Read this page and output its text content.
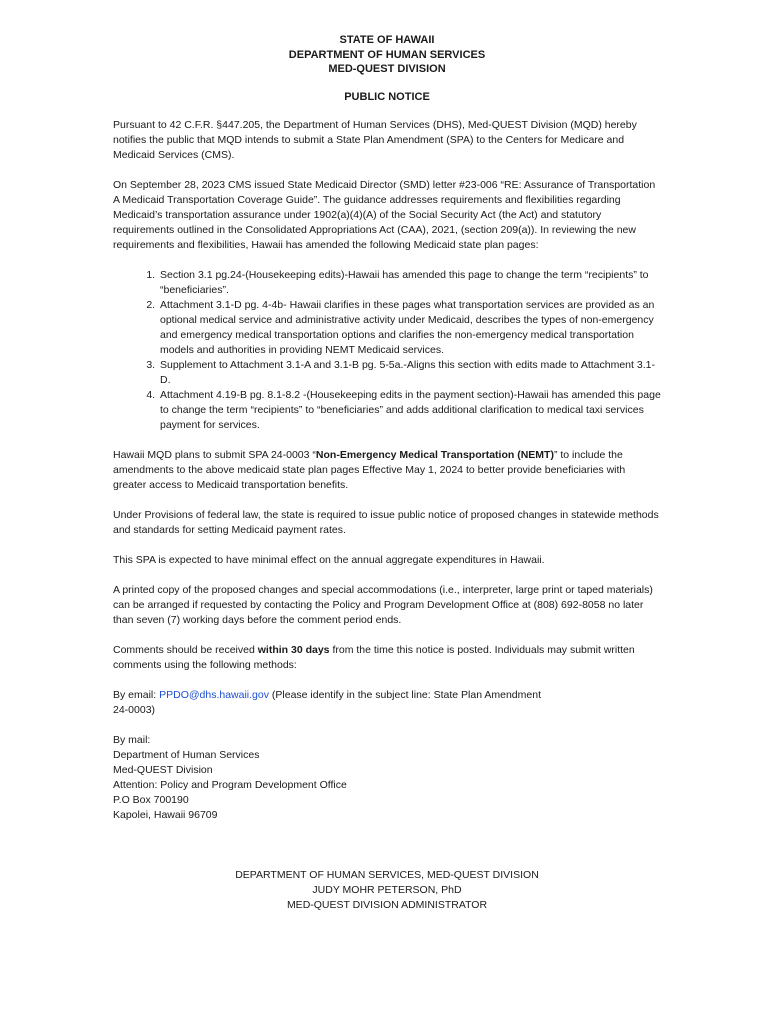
STATE OF HAWAII
DEPARTMENT OF HUMAN SERVICES
MED-QUEST DIVISION
PUBLIC NOTICE

Pursuant to 42 C.F.R. §447.205, the Department of Human Services (DHS), Med-QUEST Division (MQD) hereby notifies the public that MQD intends to submit a State Plan Amendment (SPA) to the Centers for Medicare and Medicaid Services (CMS).

On September 28, 2023 CMS issued State Medicaid Director (SMD) letter #23-006 “RE: Assurance of Transportation A Medicaid Transportation Coverage Guide”. The guidance addresses requirements and flexibilities regarding Medicaid’s transportation assurance under 1902(a)(4)(A) of the Social Security Act (the Act) and statutory requirements outlined in the Consolidated Appropriations Act (CAA), 2021, (section 209(a)). In reviewing the new requirements and flexibilities, Hawaii has amended the following Medicaid state plan pages:

1. Section 3.1 pg.24-(Housekeeping edits)-Hawaii has amended this page to change the term “recipients” to “beneficiaries”.
2. Attachment 3.1-D pg. 4-4b- Hawaii clarifies in these pages what transportation services are provided as an optional medical service and administrative activity under Medicaid, describes the types of non-emergency and emergency medical transportation options and clarifies the non-emergency medical transportation models and authorities in providing NEMT Medicaid services.
3. Supplement to Attachment 3.1-A and 3.1-B pg. 5-5a.-Aligns this section with edits made to Attachment 3.1-D.
4. Attachment 4.19-B pg. 8.1-8.2 -(Housekeeping edits in the payment section)-Hawaii has amended this page to change the term “recipients” to “beneficiaries” and adds additional clarification to medical taxi services payment for services.

Hawaii MQD plans to submit SPA 24-0003 “Non-Emergency Medical Transportation (NEMT)” to include the amendments to the above medicaid state plan pages Effective May 1, 2024 to better provide beneficiaries with greater access to Medicaid transportation benefits.

Under Provisions of federal law, the state is required to issue public notice of proposed changes in statewide methods and standards for setting Medicaid payment rates.

This SPA is expected to have minimal effect on the annual aggregate expenditures in Hawaii.

A printed copy of the proposed changes and special accommodations (i.e., interpreter, large print or taped materials) can be arranged if requested by contacting the Policy and Program Development Office at (808) 692-8058 no later than seven (7) working days before the comment period ends.

Comments should be received within 30 days from the time this notice is posted. Individuals may submit written comments using the following methods:

By email: PPDO@dhs.hawaii.gov (Please identify in the subject line: State Plan Amendment
24-0003)

By mail:
Department of Human Services
Med-QUEST Division
Attention: Policy and Program Development Office
P.O Box 700190
Kapolei, Hawaii 96709
DEPARTMENT OF HUMAN SERVICES, MED-QUEST DIVISION
JUDY MOHR PETERSON, PhD
MED-QUEST DIVISION ADMINISTRATOR
